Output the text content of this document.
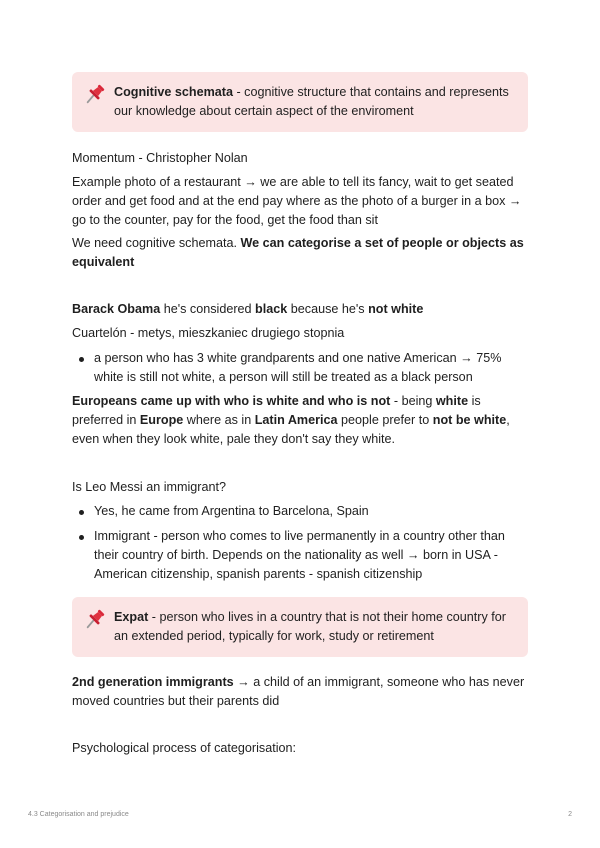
Cognitive schemata - cognitive structure that contains and represents our knowledge about certain aspect of the enviroment

Momentum - Christopher Nolan

Example photo of a restaurant → we are able to tell its fancy, wait to get seated order and get food and at the end pay where as the photo of a burger in a box → go to the counter, pay for the food, get the food than sit

We need cognitive schemata. We can categorise a set of people or objects as equivalent

Barack Obama he's considered black because he's not white

Cuartelón - metys, mieszkaniec drugiego stopnia

a person who has 3 white grandparents and one native American → 75% white is still not white, a person will still be treated as a black person

Europeans came up with who is white and who is not - being white is preferred in Europe where as in Latin America people prefer to not be white, even when they look white, pale they don't say they white.

Is Leo Messi an immigrant?

Yes, he came from Argentina to Barcelona, Spain
Immigrant - person who comes to live permanently in a country other than their country of birth. Depends on the nationality as well → born in USA - American citizenship, spanish parents - spanish citizenship
Expat - person who lives in a country that is not their home country for an extended period, typically for work, study or retirement

2nd generation immigrants → a child of an immigrant, someone who has never moved countries but their parents did

Psychological process of categorisation:

4.3 Categorisation and prejudice	2
